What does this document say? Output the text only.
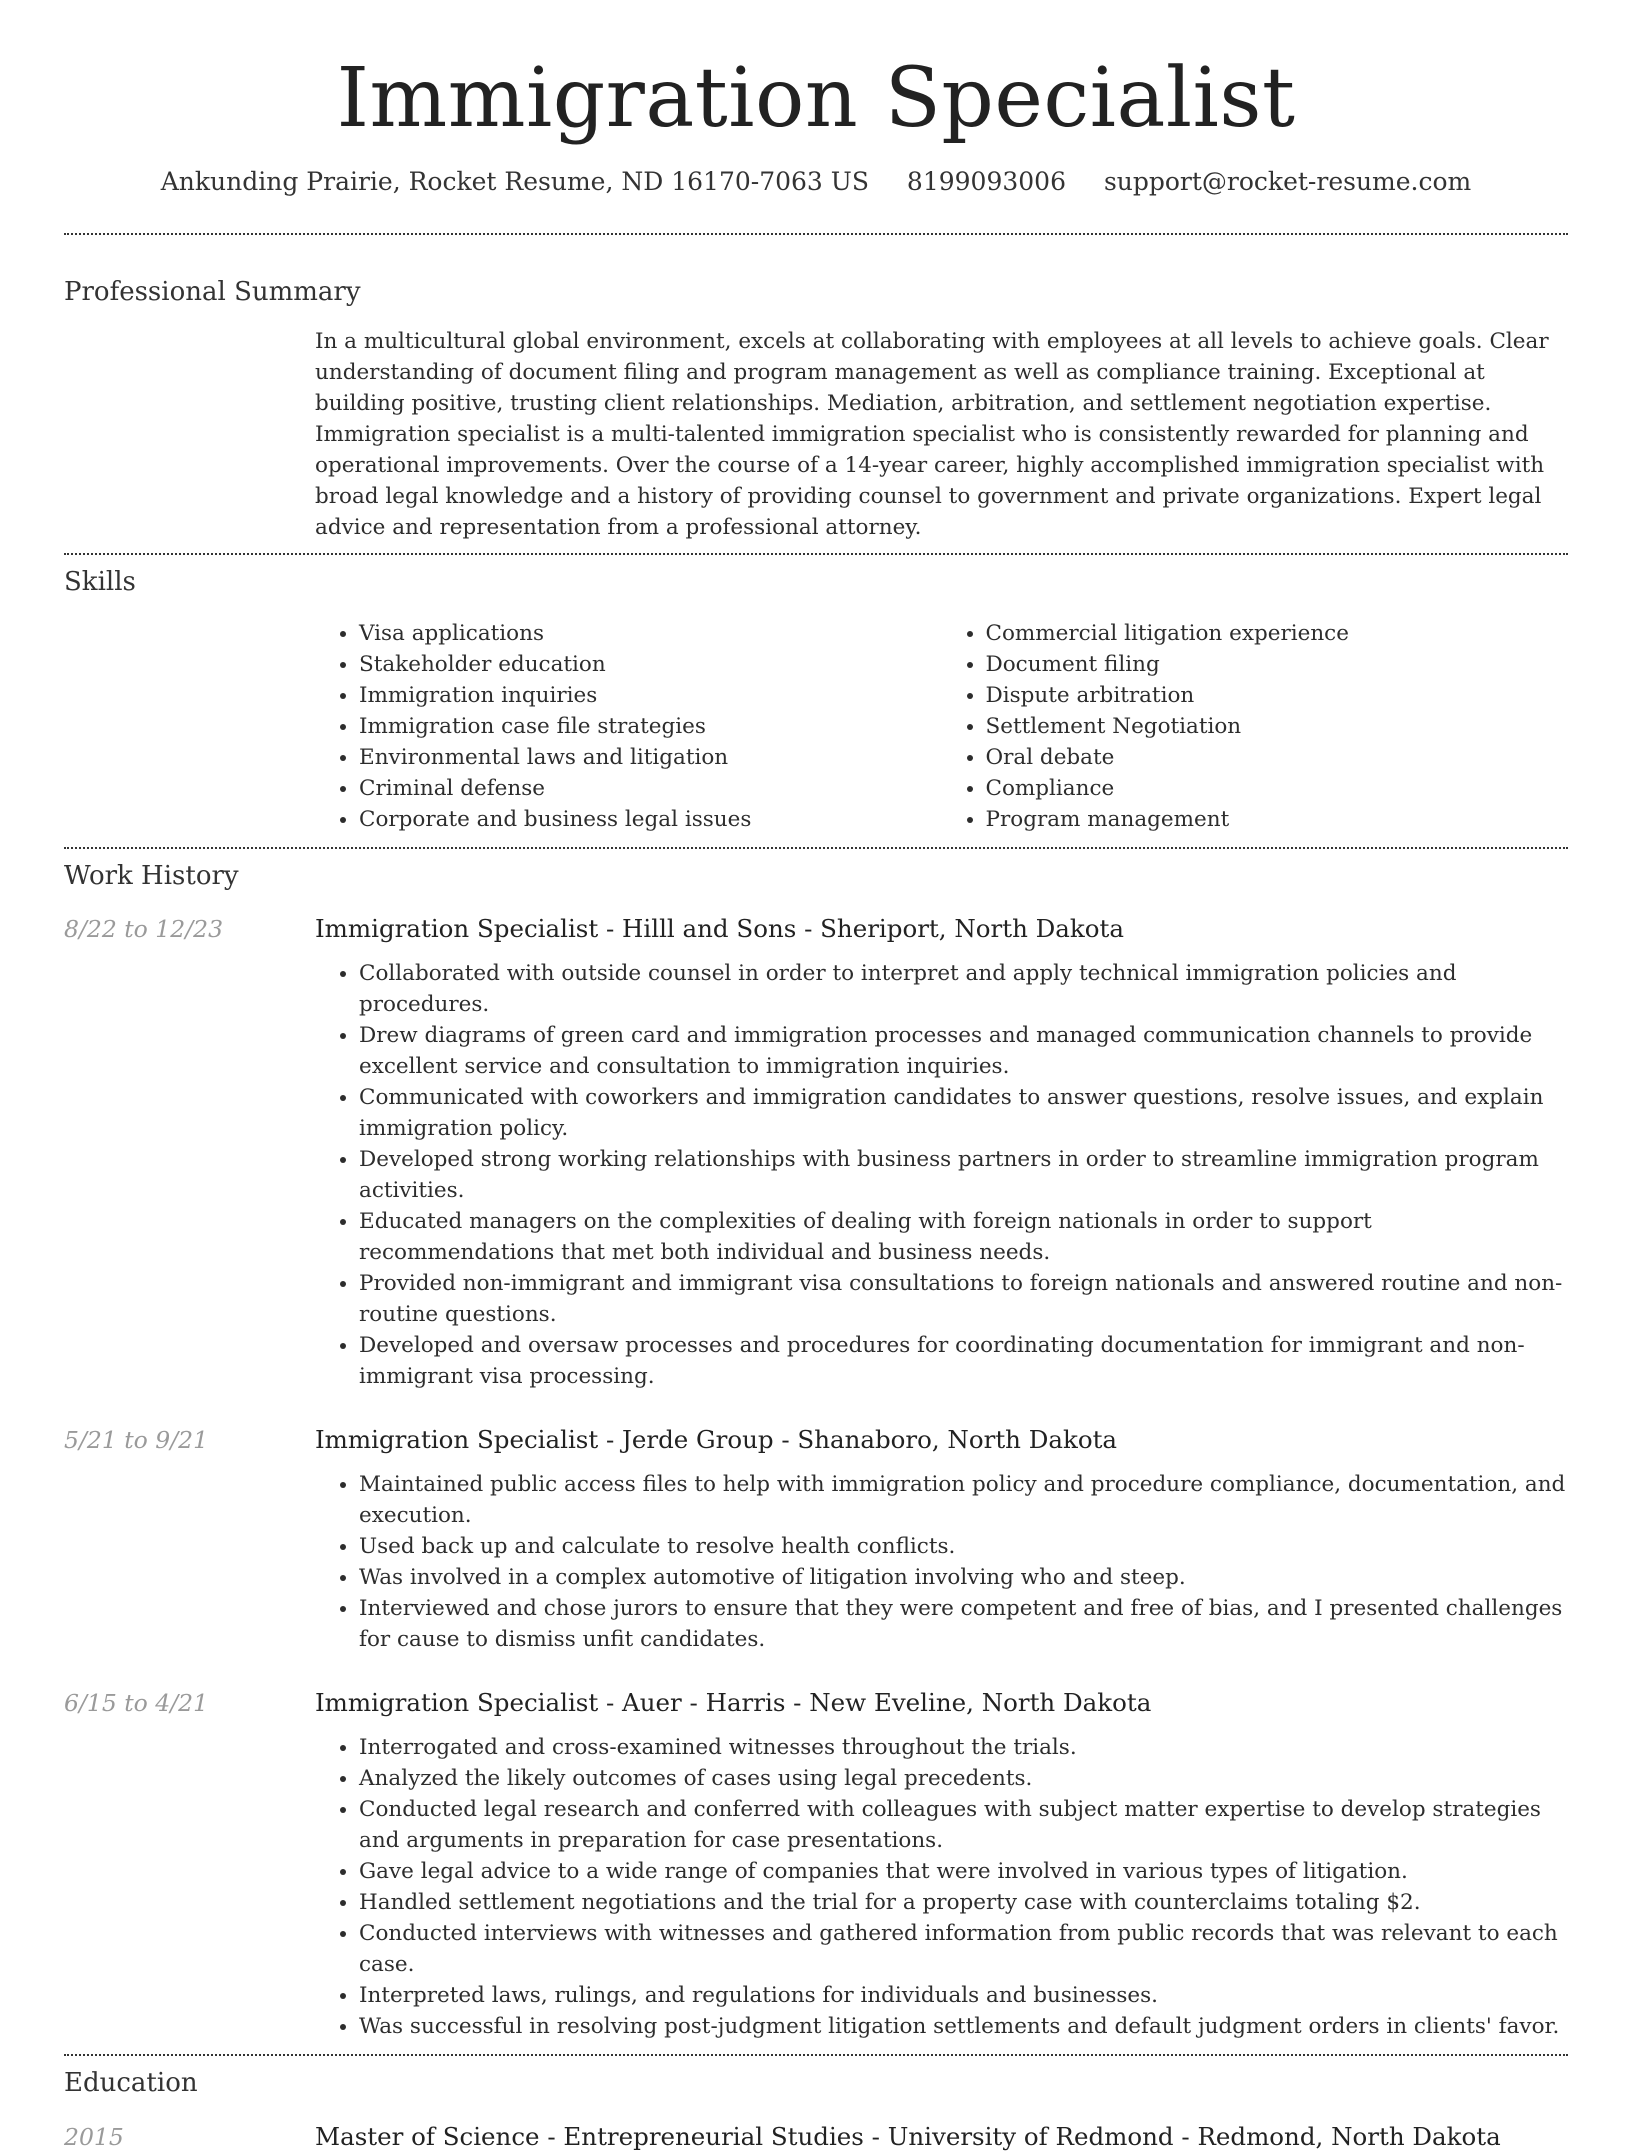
Immigration Specialist
Ankunding Prairie, Rocket Resume, ND 16170-7063 US 8199093006 support@rocket-resume.com
Professional Summary
In a multicultural global environment, excels at collaborating with employees at all levels to achieve goals. Clear understanding of document filing and program management as well as compliance training. Exceptional at building positive, trusting client relationships. Mediation, arbitration, and settlement negotiation expertise. Immigration specialist is a multi-talented immigration specialist who is consistently rewarded for planning and operational improvements. Over the course of a 14-year career, highly accomplished immigration specialist with broad legal knowledge and a history of providing counsel to government and private organizations. Expert legal advice and representation from a professional attorney.
Skills
• Visa applications
• Stakeholder education
• Immigration inquiries
• Immigration case file strategies
• Environmental laws and litigation
• Criminal defense
• Corporate and business legal issues
• Commercial litigation experience
• Document filing
• Dispute arbitration
• Settlement Negotiation
• Oral debate
• Compliance
• Program management
Work History
8/22 to 12/23	Immigration Specialist - Hilll and Sons - Sheriport, North Dakota
• Collaborated with outside counsel in order to interpret and apply technical immigration policies and procedures.
• Drew diagrams of green card and immigration processes and managed communication channels to provide excellent service and consultation to immigration inquiries.
• Communicated with coworkers and immigration candidates to answer questions, resolve issues, and explain immigration policy.
• Developed strong working relationships with business partners in order to streamline immigration program activities.
• Educated managers on the complexities of dealing with foreign nationals in order to support recommendations that met both individual and business needs.
• Provided non-immigrant and immigrant visa consultations to foreign nationals and answered routine and non-routine questions.
• Developed and oversaw processes and procedures for coordinating documentation for immigrant and non-immigrant visa processing.
5/21 to 9/21	Immigration Specialist - Jerde Group - Shanaboro, North Dakota
• Maintained public access files to help with immigration policy and procedure compliance, documentation, and execution.
• Used back up and calculate to resolve health conflicts.
• Was involved in a complex automotive of litigation involving who and steep.
• Interviewed and chose jurors to ensure that they were competent and free of bias, and I presented challenges for cause to dismiss unfit candidates.
6/15 to 4/21	Immigration Specialist - Auer - Harris - New Eveline, North Dakota
• Interrogated and cross-examined witnesses throughout the trials.
• Analyzed the likely outcomes of cases using legal precedents.
• Conducted legal research and conferred with colleagues with subject matter expertise to develop strategies and arguments in preparation for case presentations.
• Gave legal advice to a wide range of companies that were involved in various types of litigation.
• Handled settlement negotiations and the trial for a property case with counterclaims totaling $2.
• Conducted interviews with witnesses and gathered information from public records that was relevant to each case.
• Interpreted laws, rulings, and regulations for individuals and businesses.
• Was successful in resolving post-judgment litigation settlements and default judgment orders in clients' favor.
Education
2015	Master of Science - Entrepreneurial Studies - University of Redmond - Redmond, North Dakota
